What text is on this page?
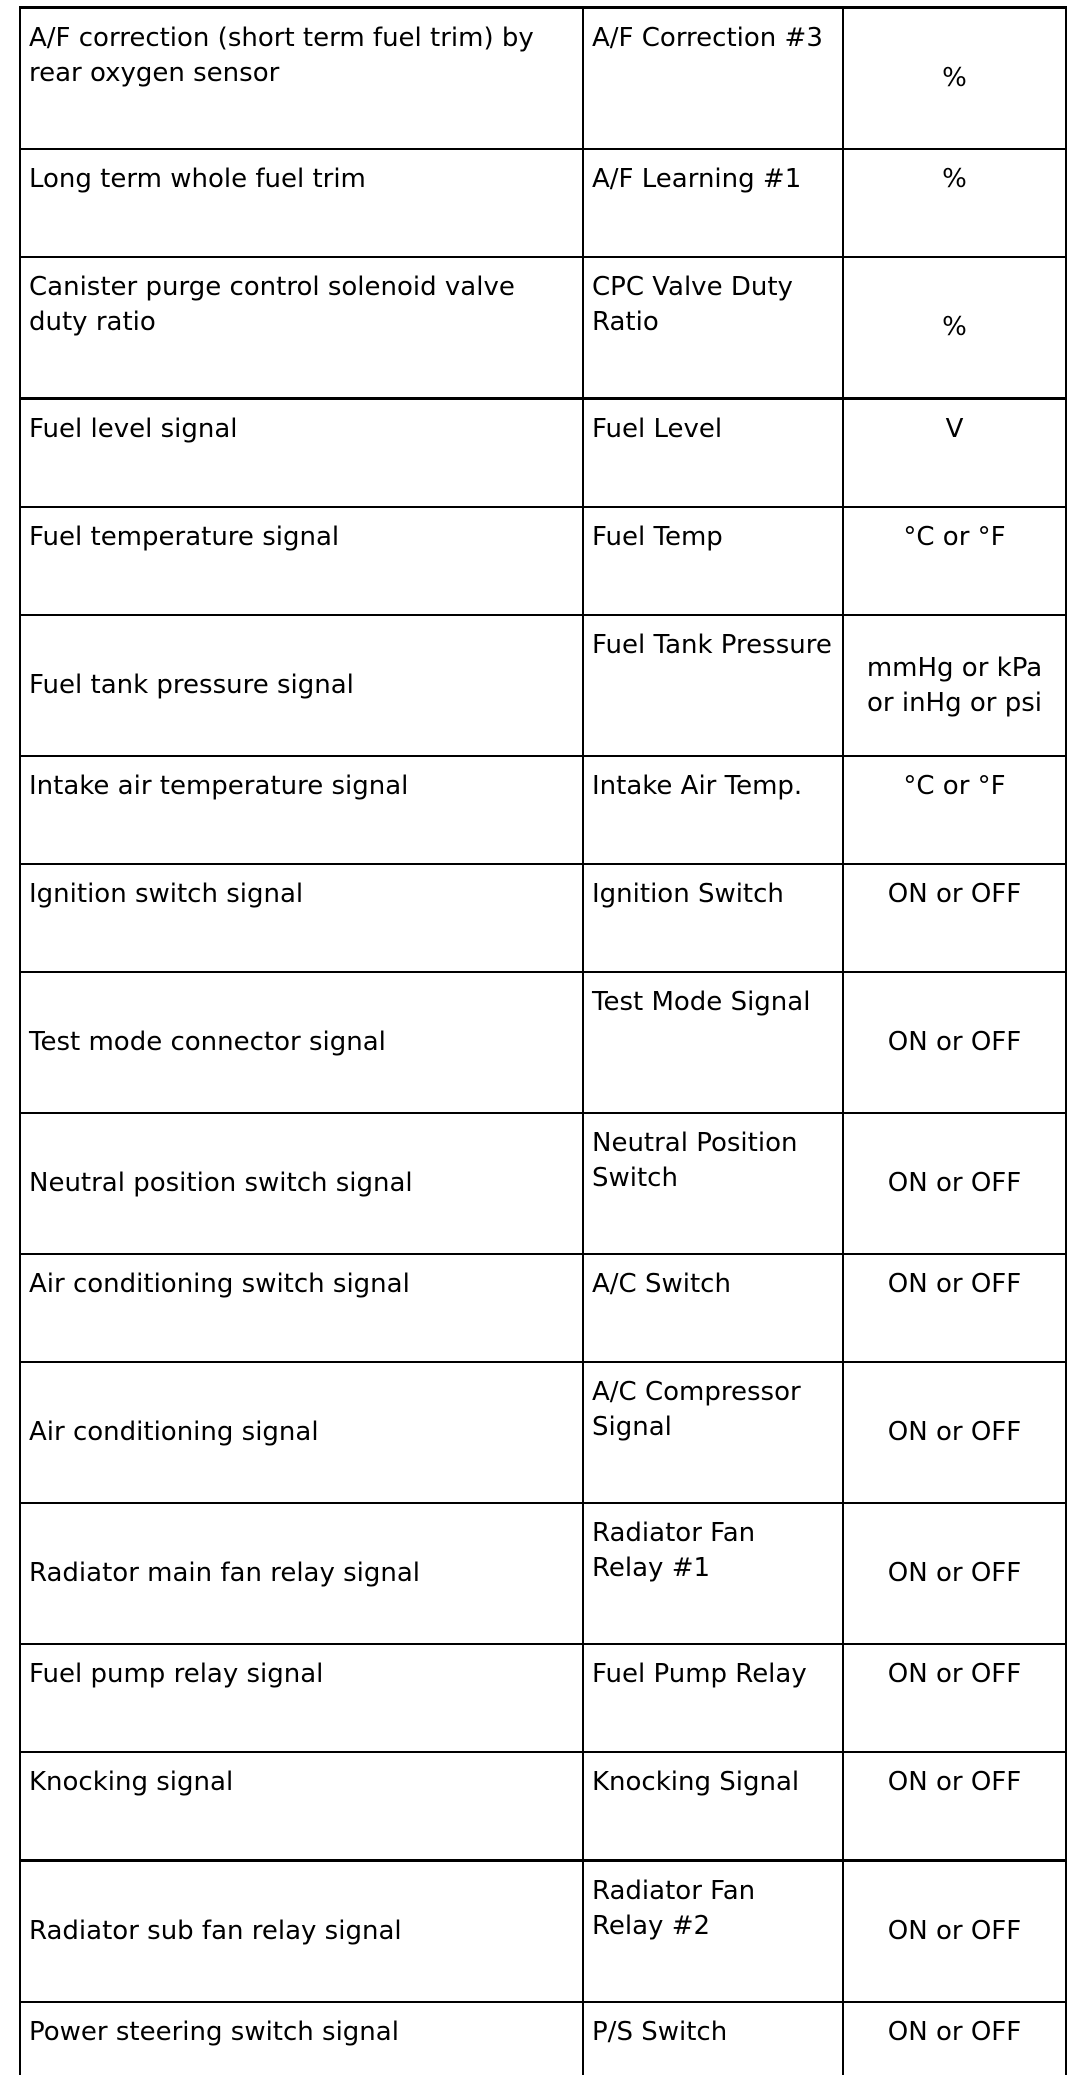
A/F correction (short term fuel trim) by rear oxygen sensor	A/F Correction #3	%
Long term whole fuel trim	A/F Learning #1	%
Canister purge control solenoid valve duty ratio	CPC Valve Duty Ratio	%
Fuel level signal	Fuel Level	V
Fuel temperature signal	Fuel Temp	°C or °F
Fuel tank pressure signal	Fuel Tank Pressure	mmHg or kPa or inHg or psi
Intake air temperature signal	Intake Air Temp.	°C or °F
Ignition switch signal	Ignition Switch	ON or OFF
Test mode connector signal	Test Mode Signal	ON or OFF
Neutral position switch signal	Neutral Position Switch	ON or OFF
Air conditioning switch signal	A/C Switch	ON or OFF
Air conditioning signal	A/C Compressor Signal	ON or OFF
Radiator main fan relay signal	Radiator Fan Relay #1	ON or OFF
Fuel pump relay signal	Fuel Pump Relay	ON or OFF
Knocking signal	Knocking Signal	ON or OFF
Radiator sub fan relay signal	Radiator Fan Relay #2	ON or OFF
Power steering switch signal	P/S Switch	ON or OFF
